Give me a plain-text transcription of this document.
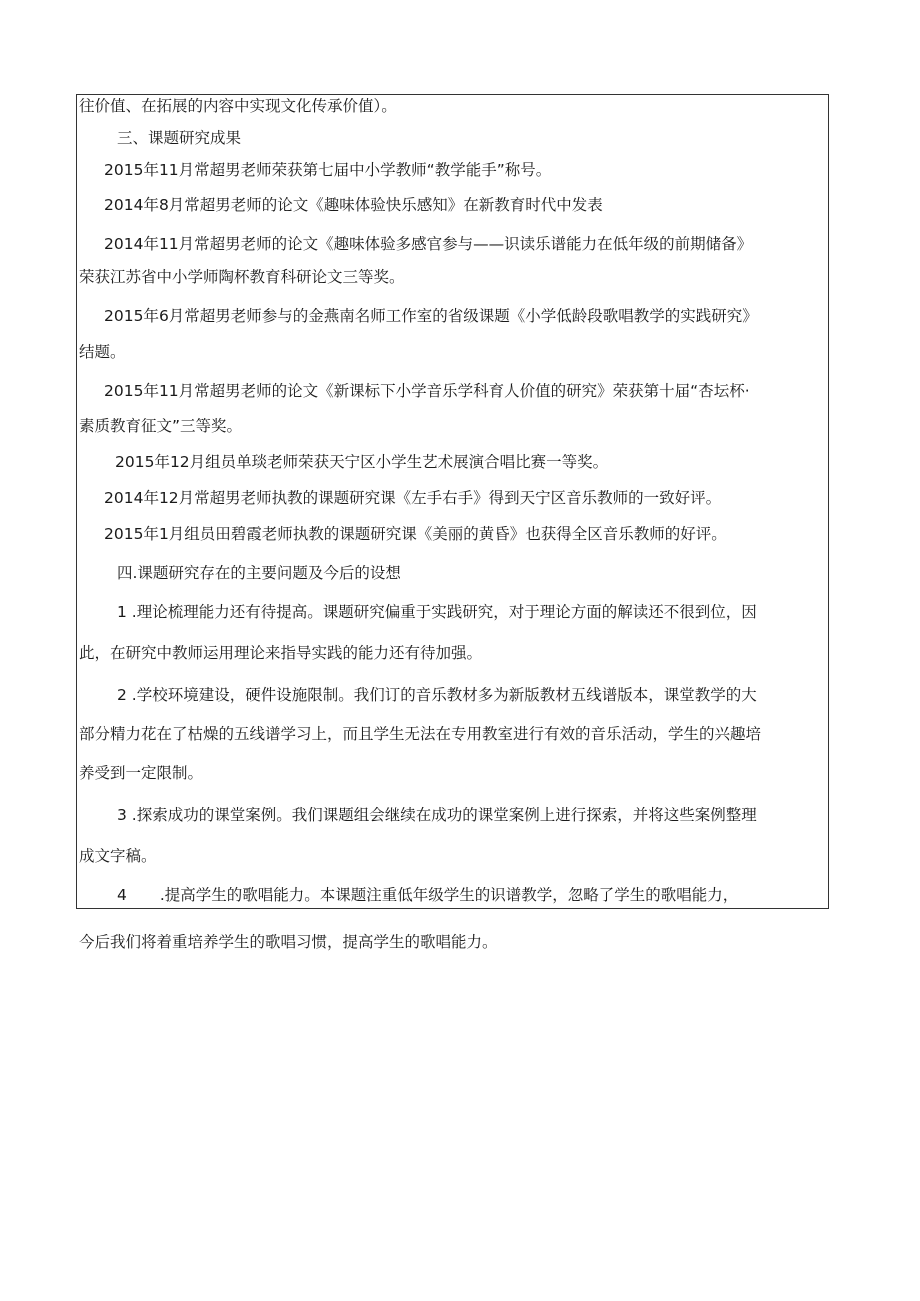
往价值、在拓展的内容中实现文化传承价值）。
三、课题研究成果
2015年11月常超男老师荣获第七届中小学教师“教学能手”称号。
2014年8月常超男老师的论文《趣味体验快乐感知》在新教育时代中发表
2014年11月常超男老师的论文《趣味体验多感官参与——识读乐谱能力在低年级的前期储备》
荣获江苏省中小学师陶杯教育科研论文三等奖。
2015年6月常超男老师参与的金燕南名师工作室的省级课题《小学低龄段歌唱教学的实践研究》
结题。
2015年11月常超男老师的论文《新课标下小学音乐学科育人价值的研究》荣获第十届“杏坛杯·
素质教育征文”三等奖。
2015年12月组员单琰老师荣获天宁区小学生艺术展演合唱比赛一等奖。
2014年12月常超男老师执教的课题研究课《左手右手》得到天宁区音乐教师的一致好评。
2015年1月组员田碧霞老师执教的课题研究课《美丽的黄昏》也获得全区音乐教师的好评。
四.课题研究存在的主要问题及今后的设想
1 .理论梳理能力还有待提高。课题研究偏重于实践研究，对于理论方面的解读还不很到位，因
此，在研究中教师运用理论来指导实践的能力还有待加强。
2 .学校环境建设，硬件设施限制。我们订的音乐教材多为新版教材五线谱版本，课堂教学的大
部分精力花在了枯燥的五线谱学习上，而且学生无法在专用教室进行有效的音乐活动，学生的兴趣培
养受到一定限制。
3 .探索成功的课堂案例。我们课题组会继续在成功的课堂案例上进行探索，并将这些案例整理
成文字稿。
4 .提高学生的歌唱能力。本课题注重低年级学生的识谱教学，忽略了学生的歌唱能力，
今后我们将着重培养学生的歌唱习惯，提高学生的歌唱能力。
